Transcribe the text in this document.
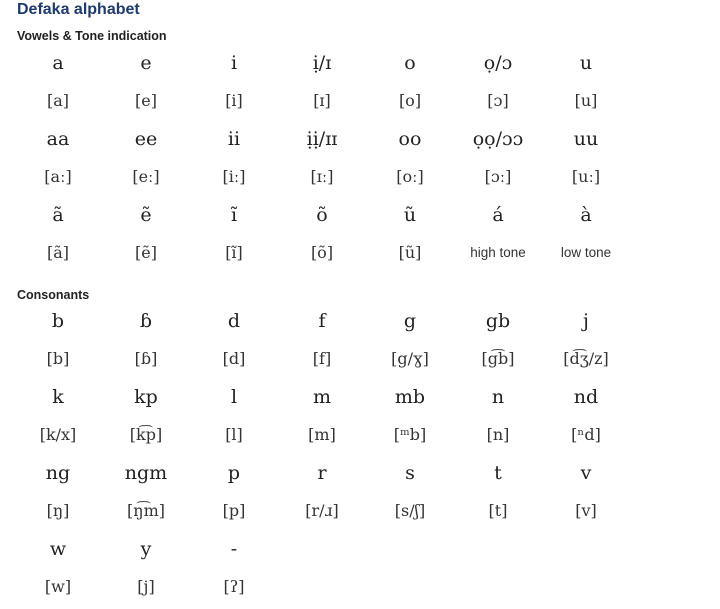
Defaka alphabet
Vowels & Tone indication
a	e	i	ị/ɪ	o	ọ/ɔ	u
[a]	[e]	[i]	[ɪ]	[o]	[ɔ]	[u]
aa	ee	ii	ịị/ɪɪ	oo	ọọ/ɔɔ	uu
[aː]	[eː]	[iː]	[ɪː]	[oː]	[ɔː]	[uː]
ã	ẽ	ĩ	õ	ũ	á	à
[ã]	[ẽ]	[ĩ]	[õ]	[ũ]	high tone	low tone
Consonants
b	ɓ	d	f	g	gb	j
[b]	[ɓ]	[d]	[f]	[g/ɣ]	[g͡b]	[d͡ʒ/z]
k	kp	l	m	mb	n	nd
[k/x]	[k͡p]	[l]	[m]	[ᵐb]	[n]	[ⁿd]
ng	ngm	p	r	s	t	v
[ŋ]	[ŋ͡m]	[p]	[r/ɹ]	[s/ʃ]	[t]	[v]
w	y	-
[w]	[j]	[ʔ]
